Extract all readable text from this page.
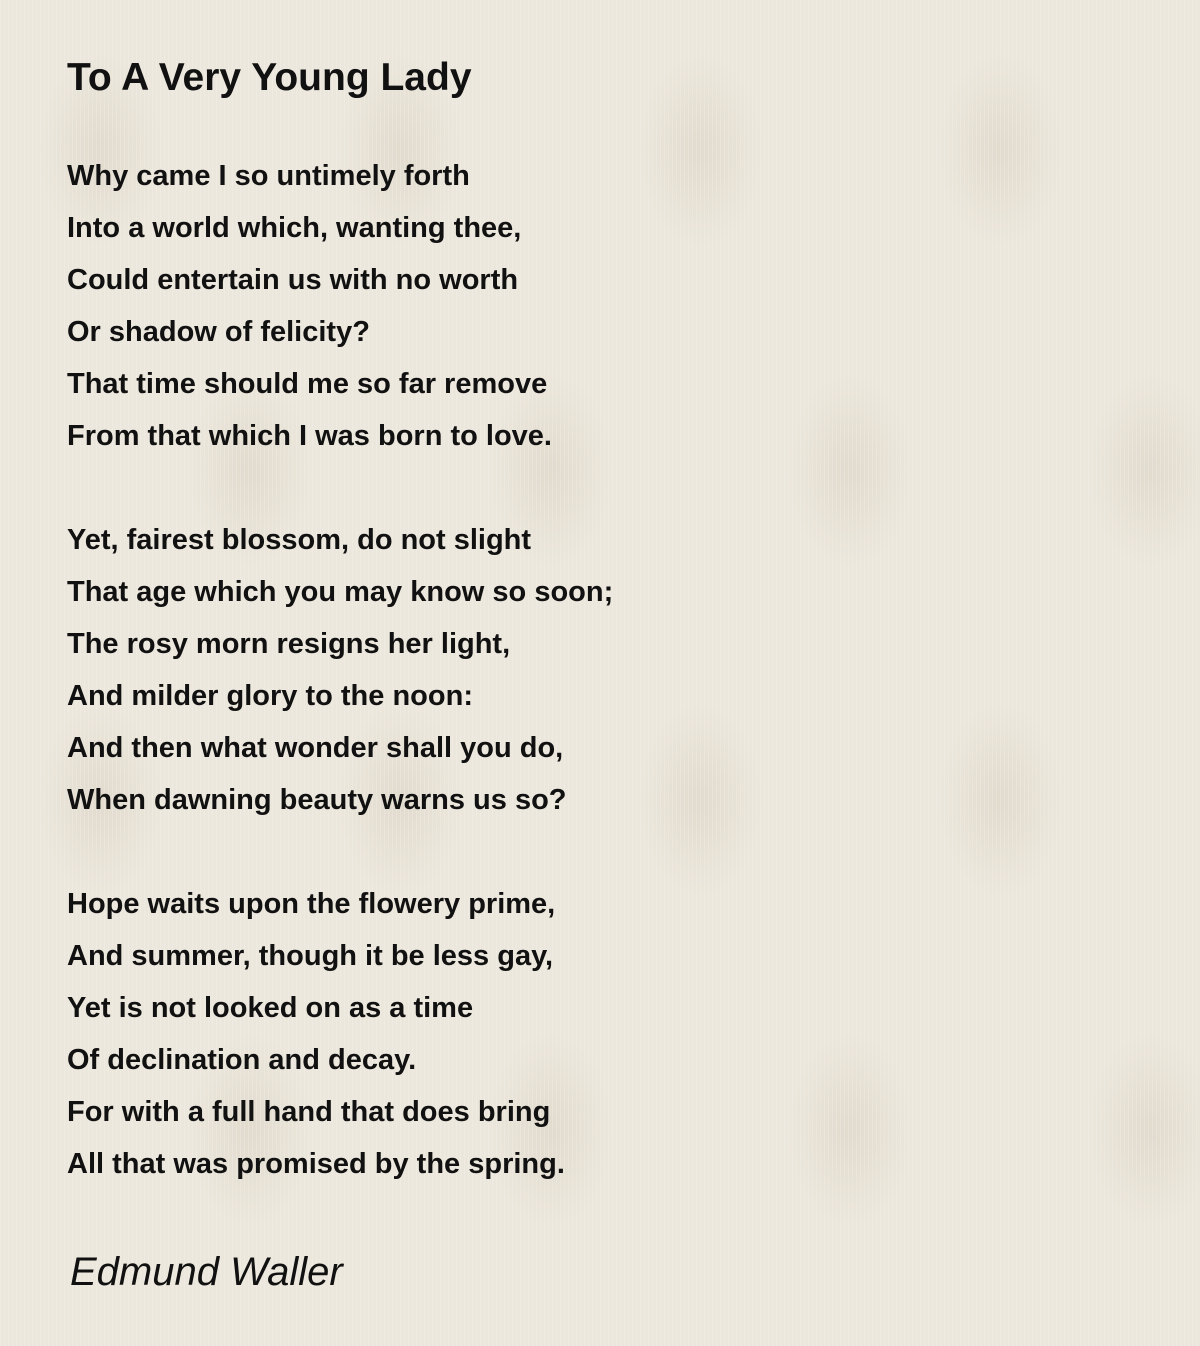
To A Very Young Lady
Why came I so untimely forth
Into a world which, wanting thee,
Could entertain us with no worth
Or shadow of felicity?
That time should me so far remove
From that which I was born to love.
Yet, fairest blossom, do not slight
That age which you may know so soon;
The rosy morn resigns her light,
And milder glory to the noon:
And then what wonder shall you do,
When dawning beauty warns us so?
Hope waits upon the flowery prime,
And summer, though it be less gay,
Yet is not looked on as a time
Of declination and decay.
For with a full hand that does bring
All that was promised by the spring.
Edmund Waller
